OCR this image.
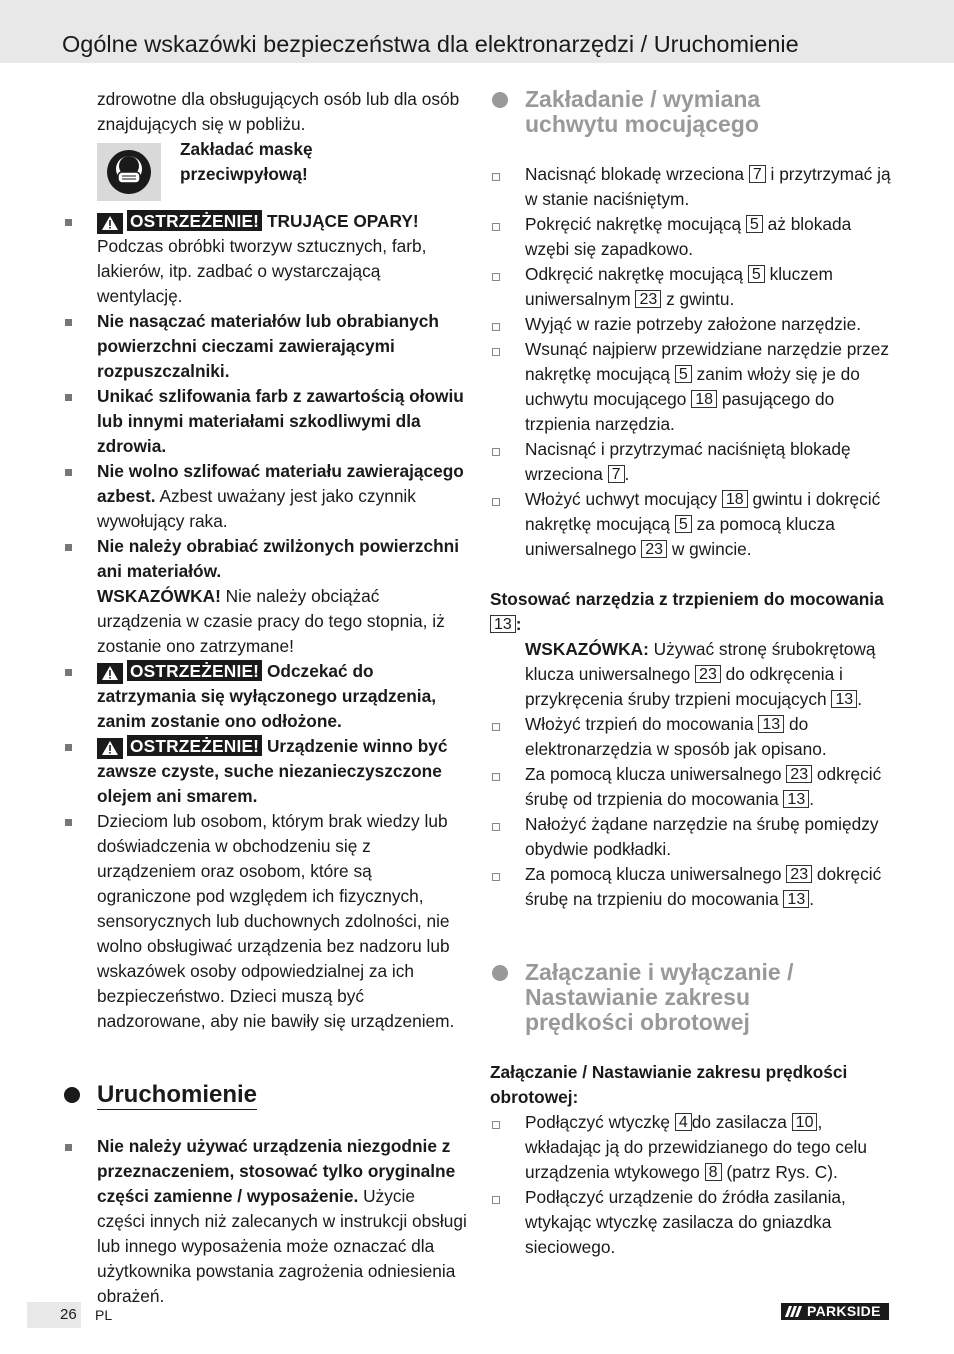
Ogólne wskazówki bezpieczeństwa dla elektronarzędzi / Uruchomienie

zdrowotne dla obsługujących osób lub dla osób znajdujących się w pobliżu.

Zakładać maskę
przeciwpyłową!
OSTRZEŻENIE! TRUJĄCE OPARY! Podczas obróbki tworzyw sztucznych, farb, lakierów, itp. zadbać o wystarczającą wentylację.
Nie nasączać materiałów lub obrabianych powierzchni cieczami zawierającymi rozpuszczalniki.
Unikać szlifowania farb z zawartością ołowiu lub innymi materiałami szkodliwymi dla zdrowia.
Nie wolno szlifować materiału zawierającego azbest. Azbest uważany jest jako czynnik wywołujący raka.
Nie należy obrabiać zwilżonych powierzchni ani materiałów.
WSKAZÓWKA! Nie należy obciążać urządzenia w czasie pracy do tego stopnia, iż zostanie ono zatrzymane!
OSTRZEŻENIE! Odczekać do zatrzymania się wyłączonego urządzenia, zanim zostanie ono odłożone.
OSTRZEŻENIE! Urządzenie winno być zawsze czyste, suche niezanieczyszczone olejem ani smarem.
Dzieciom lub osobom, którym brak wiedzy lub doświadczenia w obchodzeniu się z urządzeniem oraz osobom, które są ograniczone pod względem ich fizycznych, sensorycznych lub duchownych zdolności, nie wolno obsługiwać urządzenia bez nadzoru lub wskazówek osoby odpowiedzialnej za ich bezpieczeństwo. Dzieci muszą być nadzorowane, aby nie bawiły się urządzeniem.
Uruchomienie
Nie należy używać urządzenia niezgodnie z przeznaczeniem, stosować tylko oryginalne części zamienne / wyposażenie. Użycie części innych niż zalecanych w instrukcji obsługi lub innego wyposażenia może oznaczać dla użytkownika powstania zagrożenia odniesienia obrażeń.
Zakładanie / wymiana
uchwytu mocującego
Nacisnąć blokadę wrzeciona 7 i przytrzymać ją w stanie naciśniętym.
Pokręcić nakrętkę mocującą 5 aż blokada wzębi się zapadkowo.
Odkręcić nakrętkę mocującą 5 kluczem uniwersalnym 23 z gwintu.
Wyjąć w razie potrzeby założone narzędzie.
Wsunąć najpierw przewidziane narzędzie przez nakrętkę mocującą 5 zanim włoży się je do uchwytu mocującego 18 pasującego do trzpienia narzędzia.
Nacisnąć i przytrzymać naciśniętą blokadę wrzeciona 7 .
Włożyć uchwyt mocujący 18 gwintu i dokręcić nakrętkę mocującą 5 za pomocą klucza uniwersalnego 23 w gwincie.

Stosować narzędzia z trzpieniem do mocowania 13 :

WSKAZÓWKA: Używać stronę śrubokrętową klucza uniwersalnego 23 do odkręcenia i przykręcenia śruby trzpieni mocujących 13 .

Włożyć trzpień do mocowania 13 do elektronarzędzia w sposób jak opisano.
Za pomocą klucza uniwersalnego 23 odkręcić śrubę od trzpienia do mocowania 13 .
Nałożyć żądane narzędzie na śrubę pomiędzy obydwie podkładki.
Za pomocą klucza uniwersalnego 23 dokręcić śrubę na trzpieniu do mocowania 13 .
Załączanie i wyłączanie /
Nastawianie zakresu
prędkości obrotowej

Załączanie / Nastawianie zakresu prędkości obrotowej:

Podłączyć wtyczkę 4 do zasilacza 10 , wkładając ją do przewidzianego do tego celu urządzenia wtykowego 8 (patrz Rys. C).
Podłączyć urządzenie do źródła zasilania, wtykając wtyczkę zasilacza do gniazdka sieciowego.
26 PL	PARKSIDE
